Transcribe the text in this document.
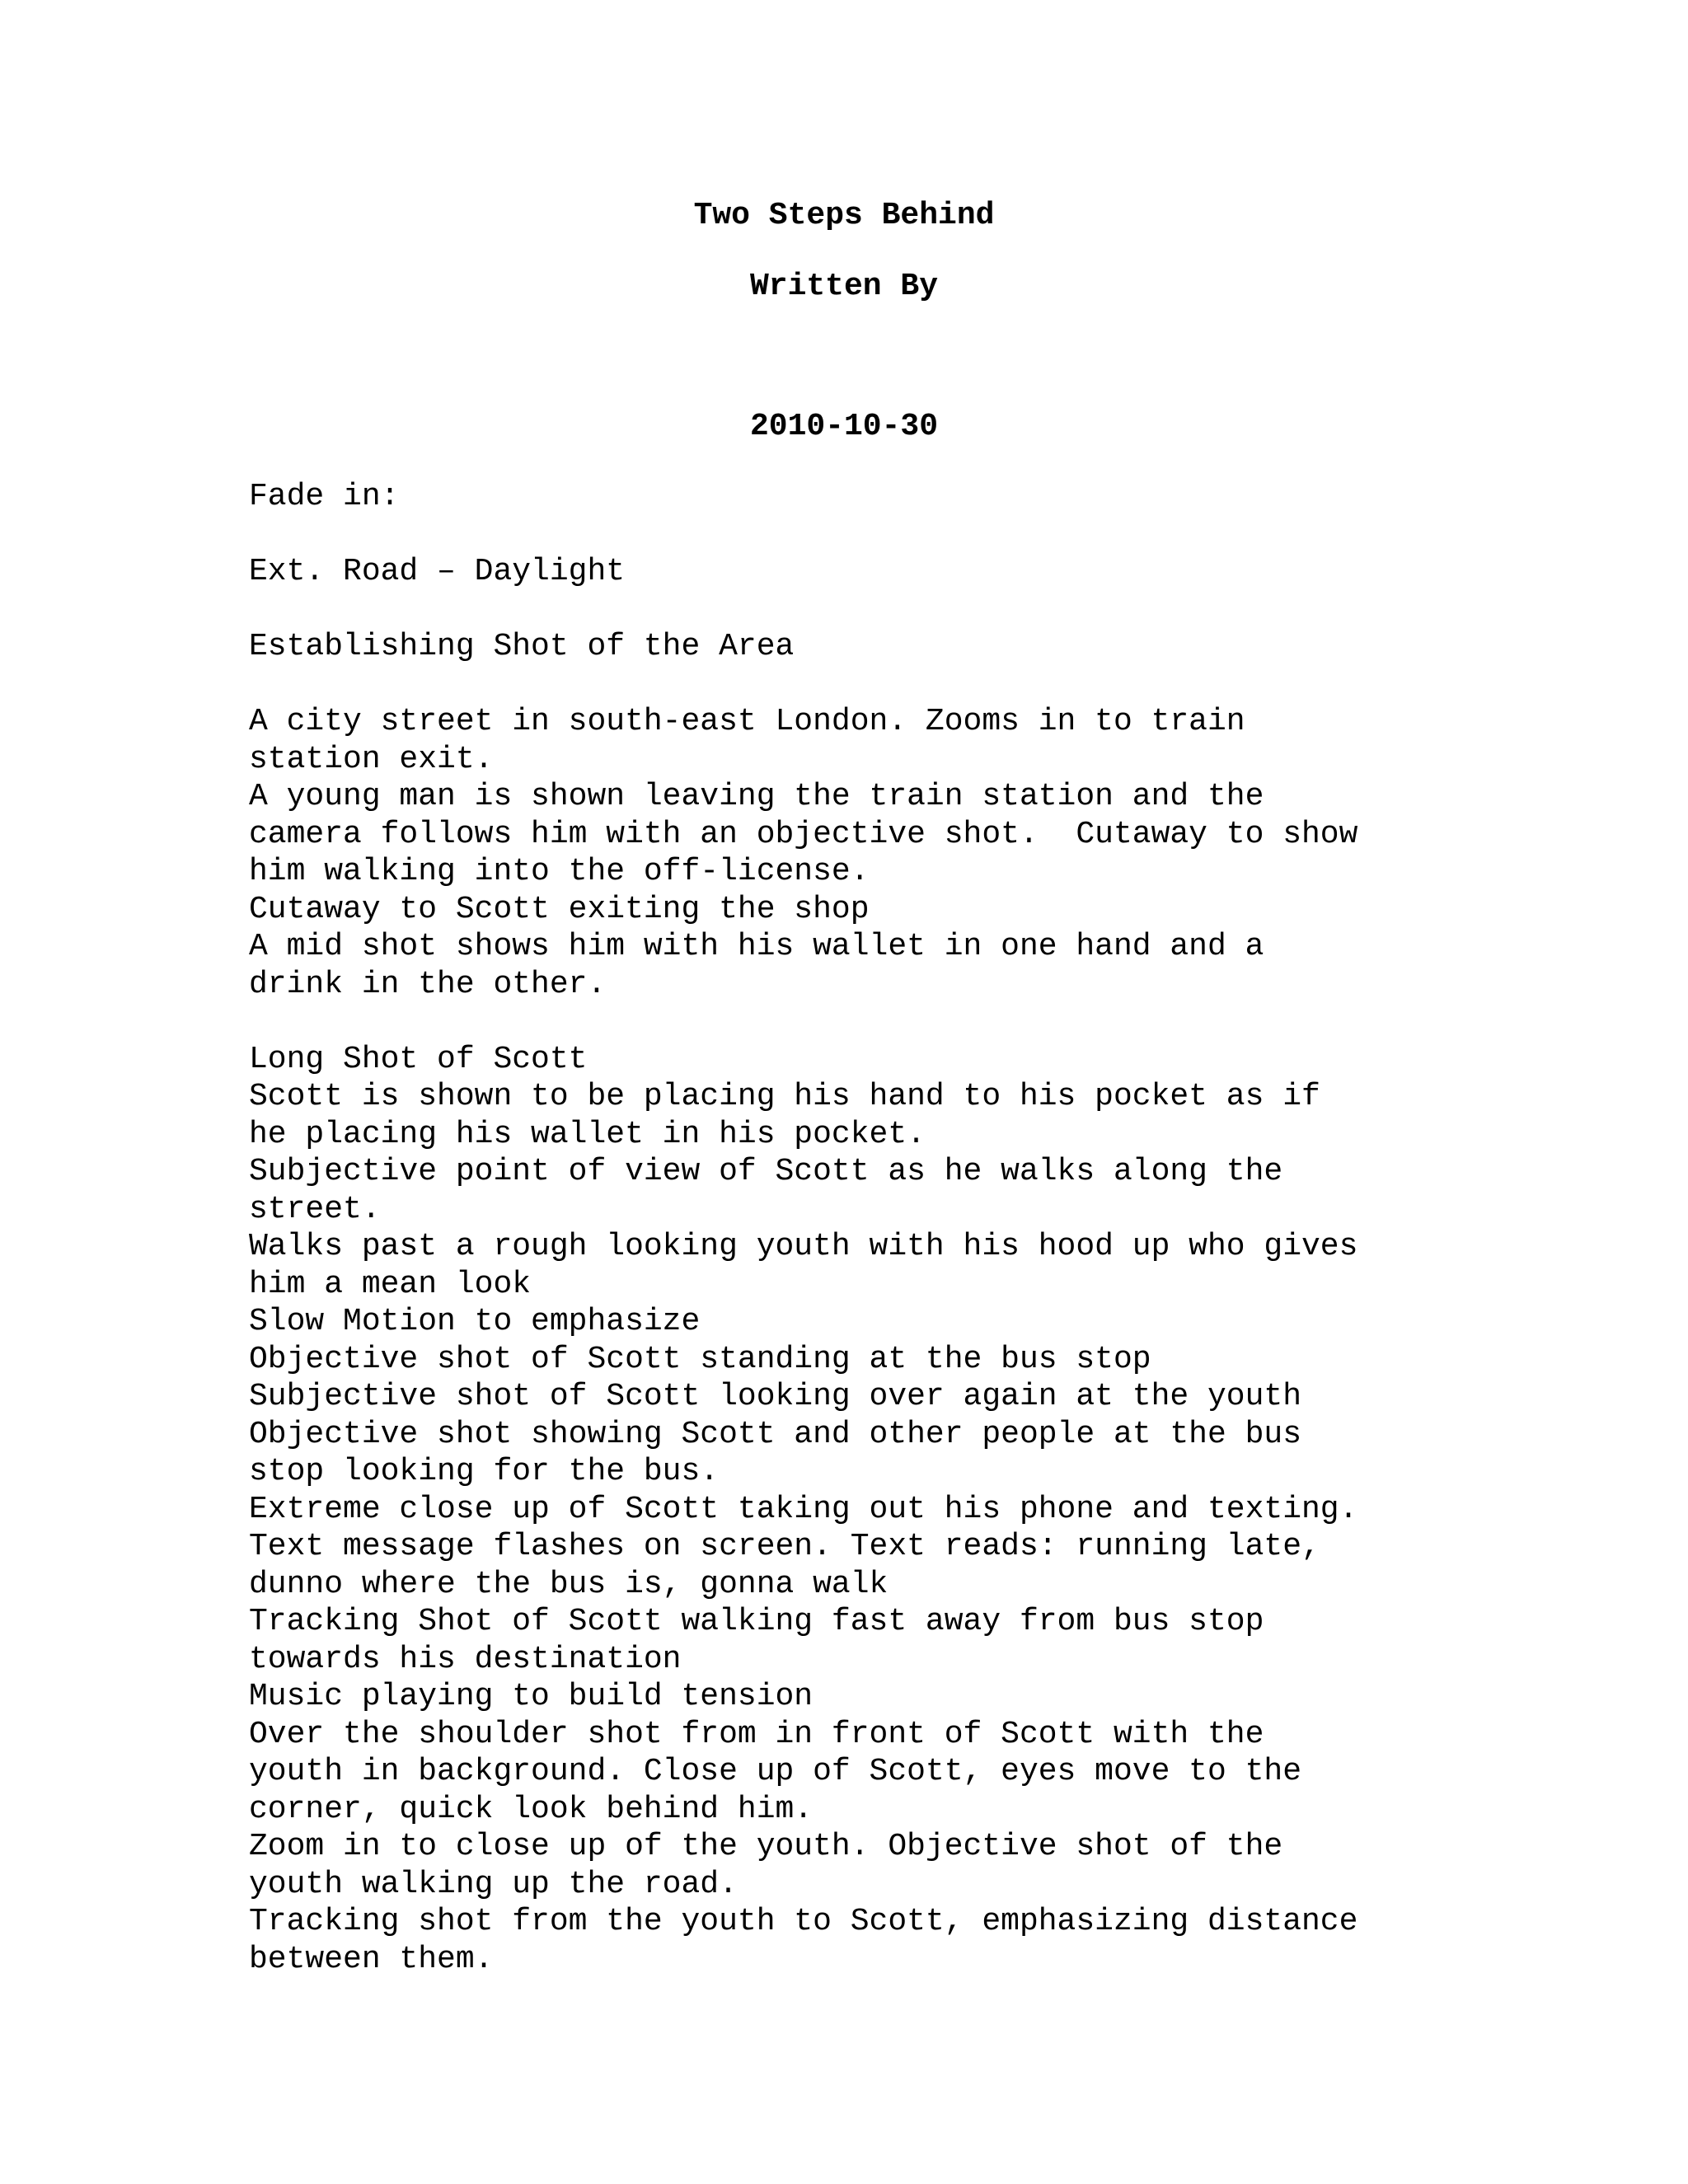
Two Steps Behind
Written By
2010-10-30
Fade in:
Ext. Road – Daylight
Establishing Shot of the Area
A city street in south-east London. Zooms in to train
station exit.
A young man is shown leaving the train station and the
camera follows him with an objective shot.  Cutaway to show
him walking into the off-license.
Cutaway to Scott exiting the shop
A mid shot shows him with his wallet in one hand and a
drink in the other.
Long Shot of Scott
Scott is shown to be placing his hand to his pocket as if
he placing his wallet in his pocket.
Subjective point of view of Scott as he walks along the
street.
Walks past a rough looking youth with his hood up who gives
him a mean look
Slow Motion to emphasize
Objective shot of Scott standing at the bus stop
Subjective shot of Scott looking over again at the youth
Objective shot showing Scott and other people at the bus
stop looking for the bus.
Extreme close up of Scott taking out his phone and texting.
Text message flashes on screen. Text reads: running late,
dunno where the bus is, gonna walk
Tracking Shot of Scott walking fast away from bus stop
towards his destination
Music playing to build tension
Over the shoulder shot from in front of Scott with the
youth in background. Close up of Scott, eyes move to the
corner, quick look behind him.
Zoom in to close up of the youth. Objective shot of the
youth walking up the road.
Tracking shot from the youth to Scott, emphasizing distance
between them.
